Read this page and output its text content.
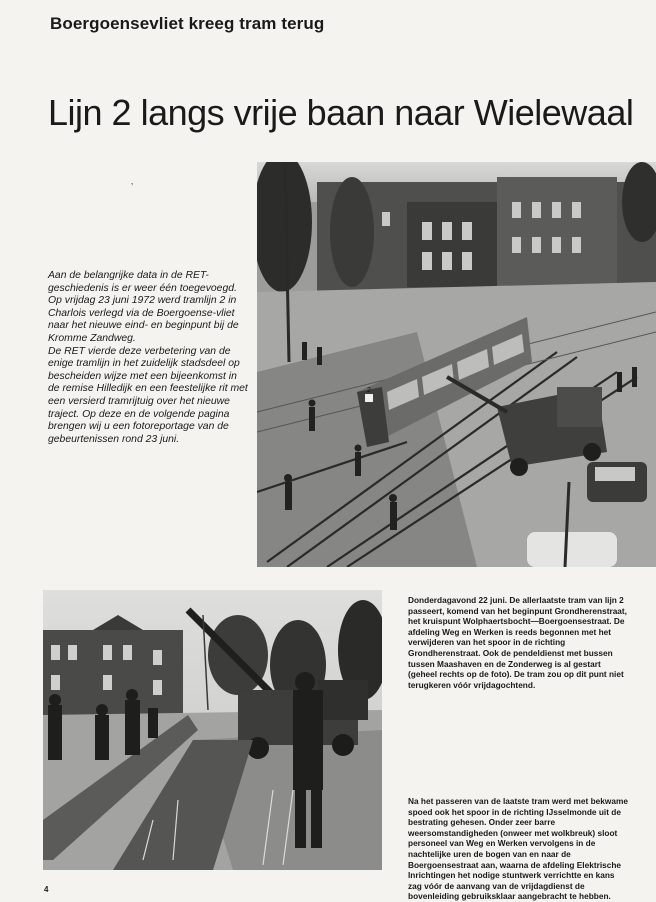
Boergoensevliet kreeg tram terug
Lijn 2 langs vrije baan naar Wielewaal
’

Aan de belangrijke data in de RET-geschiedenis is er weer één toegevoegd. Op vrijdag 23 juni 1972 werd tramlijn 2 in Charlois verlegd via de Boergoense-vliet naar het nieuwe eind- en beginpunt bij de Kromme Zandweg.

De RET vierde deze verbetering van de enige tramlijn in het zuidelijk stadsdeel op bescheiden wijze met een bijeenkomst in de remise Hilledijk en een feestelijke rit met een versierd tramrijtuig over het nieuwe traject. Op deze en de volgende pagina brengen wij u een fotoreportage van de gebeurtenissen rond 23 juni.

2
Donderdagavond 22 juni. De allerlaatste tram van lijn 2 passeert, komend van het beginpunt Grondherenstraat, het kruispunt Wolphaertsbocht—Boergoensestraat. De afdeling Weg en Werken is reeds begonnen met het verwijderen van het spoor in de richting Grondherenstraat. Ook de pendeldienst met bussen tussen Maashaven en de Zonderweg is al gestart (geheel rechts op de foto). De tram zou op dit punt niet terugkeren vóór vrijdagochtend.
Na het passeren van de laatste tram werd met bekwame spoed ook het spoor in de richting IJsselmonde uit de bestrating gehesen. Onder zeer barre weersomstandigheden (onweer met wolkbreuk) sloot personeel van Weg en Werken vervolgens in de nachtelijke uren de bogen van en naar de Boergoensestraat aan, waarna de afdeling Elektrische Inrichtingen het nodige stuntwerk verrichtte en kans zag vóór de aanvang van de vrijdagdienst de bovenleiding gebruiksklaar aangebracht te hebben.
4
